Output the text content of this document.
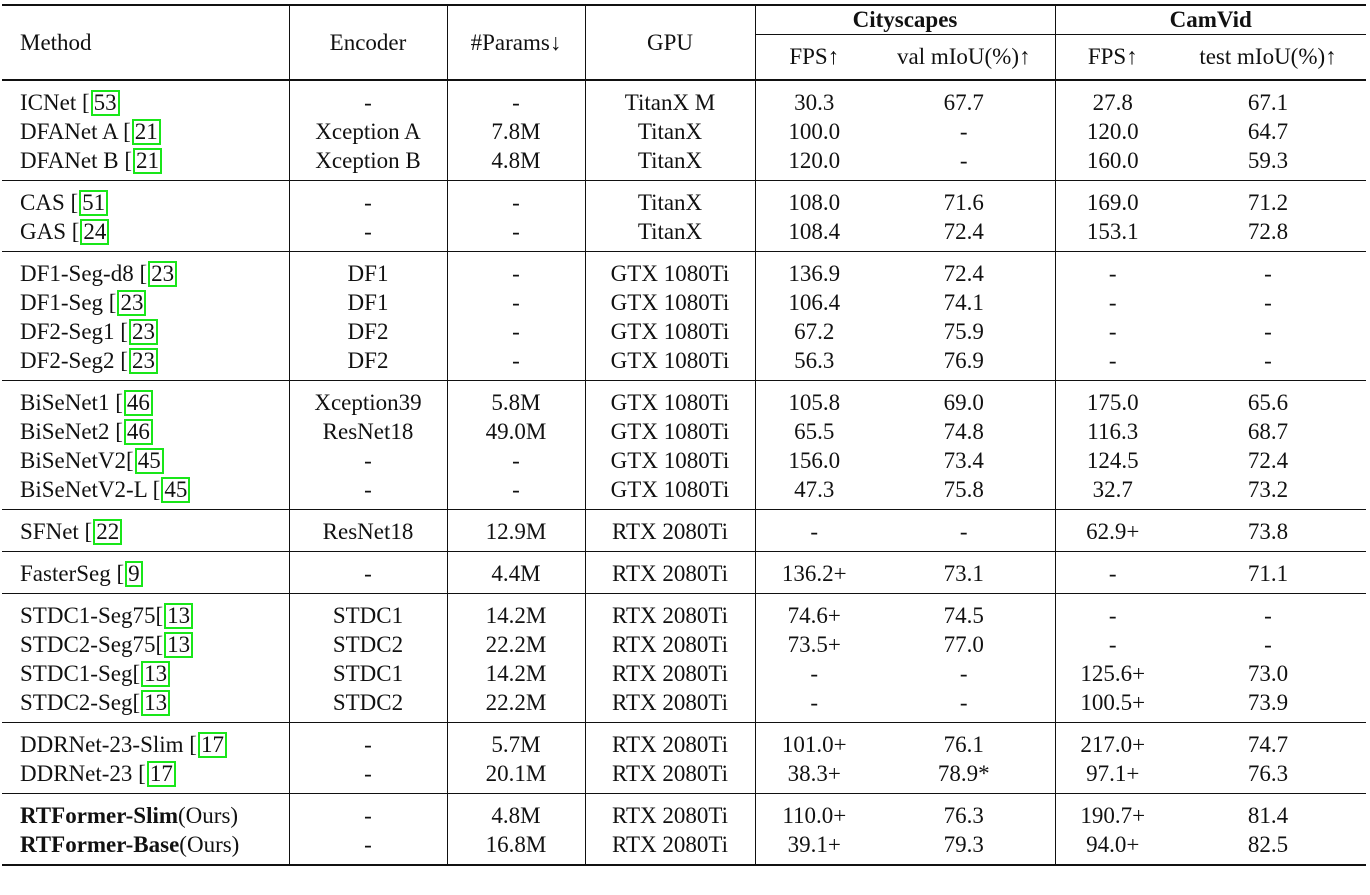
Method	Encoder	#Params↓	GPU	Cityscapes		CamVid	
				FPS↑	val mIoU(%)↑	FPS↑	test mIoU(%)↑
ICNet [ 53	-	-	TitanX M	30.3	67.7	27.8	67.1
DFANet A [ 21	Xception A	7.8M	TitanX	100.0	-	120.0	64.7
DFANet B [ 21	Xception B	4.8M	TitanX	120.0	-	160.0	59.3
CAS [ 51	-	-	TitanX	108.0	71.6	169.0	71.2
GAS [ 24	-	-	TitanX	108.4	72.4	153.1	72.8
DF1-Seg-d8 [ 23	DF1	-	GTX 1080Ti	136.9	72.4	-	-
DF1-Seg [ 23	DF1	-	GTX 1080Ti	106.4	74.1	-	-
DF2-Seg1 [ 23	DF2	-	GTX 1080Ti	67.2	75.9	-	-
DF2-Seg2 [ 23	DF2	-	GTX 1080Ti	56.3	76.9	-	-
BiSeNet1 [ 46	Xception39	5.8M	GTX 1080Ti	105.8	69.0	175.0	65.6
BiSeNet2 [ 46	ResNet18	49.0M	GTX 1080Ti	65.5	74.8	116.3	68.7
BiSeNetV2[ 45	-	-	GTX 1080Ti	156.0	73.4	124.5	72.4
BiSeNetV2-L [ 45	-	-	GTX 1080Ti	47.3	75.8	32.7	73.2
SFNet [ 22	ResNet18	12.9M	RTX 2080Ti	-	-	62.9+	73.8
FasterSeg [ 9	-	4.4M	RTX 2080Ti	136.2+	73.1	-	71.1
STDC1-Seg75[ 13	STDC1	14.2M	RTX 2080Ti	74.6+	74.5	-	-
STDC2-Seg75[ 13	STDC2	22.2M	RTX 2080Ti	73.5+	77.0	-	-
STDC1-Seg[ 13	STDC1	14.2M	RTX 2080Ti	-	-	125.6+	73.0
STDC2-Seg[ 13	STDC2	22.2M	RTX 2080Ti	-	-	100.5+	73.9
DDRNet-23-Slim [ 17	-	5.7M	RTX 2080Ti	101.0+	76.1	217.0+	74.7
DDRNet-23 [ 17	-	20.1M	RTX 2080Ti	38.3+	78.9*	97.1+	76.3
RTFormer-Slim(Ours)	-	4.8M	RTX 2080Ti	110.0+	76.3	190.7+	81.4
RTFormer-Base(Ours)	-	16.8M	RTX 2080Ti	39.1+	79.3	94.0+	82.5
